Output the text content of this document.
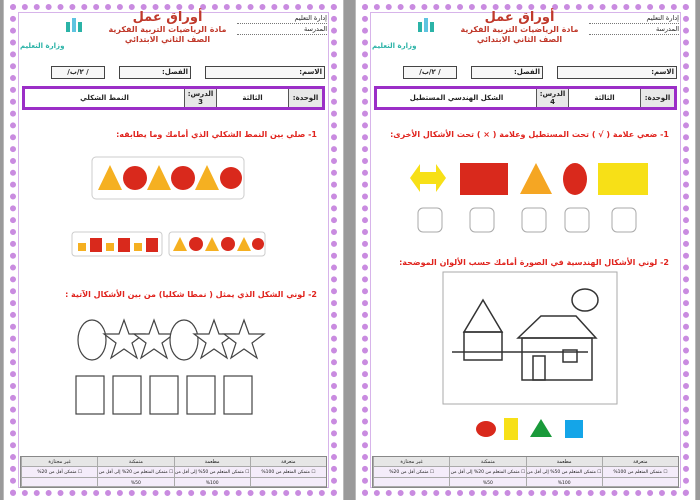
إدارة التعليم
المدرسة
أوراق عمل
مادة الرياضيات التربية الفكرية
الصف الثاني الابتدائي
وزارة التعليم
الاسم:
الفصل:
/ ٢/ب/
الوحدة:
الثالثة
الدرس:
4
الشكل الهندسي المستطيل
1- ضعي علامة ( √ ) تحت المستطيل وعلامة ( × ) تحت الأشكال الأخرى:
2- لوني الأشكال الهندسية في الصورة أمامك حسب الألوان الموضحة:
متعرفة
مطعمة
متمكنة
غير مجتازة
☐ متمكن المتعلم من 100%
☐ متمكن المتعلم من 50% إلى أقل من 100%
☐ متمكن المتعلم من 20% إلى أقل من 50%
☐ متمكن أقل من 20%
إدارة التعليم
المدرسة
أوراق عمل
مادة الرياضيات التربية الفكرية
الصف الثاني الابتدائي
وزارة التعليم
الاسم:
الفصل:
/ ٢/ب/
الوحدة:
الثالثة
الدرس:
3
النمط الشكلي
1- صلي بين النمط الشكلي الذي أمامك وما يطابقه:
2- لوني الشكل الذي يمثل ( نمطا شكليا) من بين الأشكال الآتية :
متعرفة
مطعمة
متمكنة
غير مجتازة
☐ متمكن المتعلم من 100%
☐ متمكن المتعلم من 50% إلى أقل من 100%
☐ متمكن المتعلم من 20% إلى أقل من 50%
☐ متمكن أقل من 20%
